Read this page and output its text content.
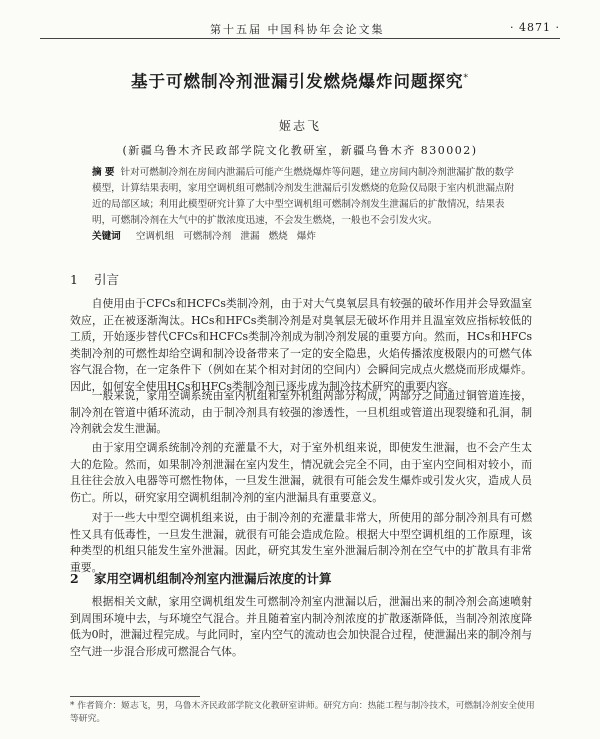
第十五届 中国科协年会论文集	· 4871 ·
基于可燃制冷剂泄漏引发燃烧爆炸问题探究*
姬志飞
(新疆乌鲁木齐民政部学院文化教研室，新疆乌鲁木齐 830002)
摘 要 针对可燃制冷剂在房间内泄漏后可能产生燃烧爆炸等问题，建立房间内制冷剂泄漏扩散的数学模型，计算结果表明，家用空调机组可燃制冷剂发生泄漏后引发燃烧的危险仅局限于室内机泄漏点附近的局部区域；利用此模型研究计算了大中型空调机组可燃制冷剂发生泄漏后的扩散情况，结果表明，可燃制冷剂在大气中的扩散浓度迅速，不会发生燃烧，一般也不会引发火灾。
关键词 空调机组 可燃制冷剂 泄漏 燃烧 爆炸
1 引言
自使用由于CFCs和HCFCs类制冷剂，由于对大气臭氧层具有较强的破坏作用并会导致温室效应，正在被逐渐淘汰。HCs和HFCs类制冷剂是对臭氧层无破坏作用并且温室效应指标较低的工质，开始逐步替代CFCs和HCFCs类制冷剂成为制冷剂发展的重要方向。然而，HCs和HFCs类制冷剂的可燃性却给空调和制冷设备带来了一定的安全隐患，火焰传播浓度极限内的可燃气体容气混合物，在一定条件下（例如在某个相对封闭的空间内）会瞬间完成点火燃烧而形成爆炸。因此，如何安全使用HCs和HFCs类制冷剂已逐步成为制冷技术研究的重要内容。
一般来说，家用空调系统由室内机组和室外机组两部分构成，两部分之间通过铜管道连接，制冷剂在管道中循环流动，由于制冷剂具有较强的渗透性，一旦机组或管道出现裂缝和孔洞，制冷剂就会发生泄漏。
由于家用空调系统制冷剂的充灌量不大，对于室外机组来说，即使发生泄漏，也不会产生太大的危险。然而，如果制冷剂泄漏在室内发生，情况就会完全不同，由于室内空间相对较小，而且往往会放入电器等可燃性物体，一旦发生泄漏，就很有可能会发生爆炸或引发火灾，造成人员伤亡。所以，研究家用空调机组制冷剂的室内泄漏具有重要意义。
对于一些大中型空调机组来说，由于制冷剂的充灌量非常大，所使用的部分制冷剂具有可燃性又具有低毒性，一旦发生泄漏，就很有可能会造成危险。根据大中型空调机组的工作原理，该种类型的机组只能发生室外泄漏。因此，研究其发生室外泄漏后制冷剂在空气中的扩散具有非常重要。
2 家用空调机组制冷剂室内泄漏后浓度的计算
根据相关文献，家用空调机组发生可燃制冷剂室内泄漏以后，泄漏出来的制冷剂会高速喷射到周围环境中去，与环境空气混合。并且随着室内制冷剂浓度的扩散逐渐降低，当制冷剂浓度降低为0时，泄漏过程完成。与此同时，室内空气的流动也会加快混合过程，使泄漏出来的制冷剂与空气进一步混合形成可燃混合气体。
* 作者简介：姬志飞，男，乌鲁木齐民政部学院文化教研室讲师。研究方向：热能工程与制冷技术，可燃制冷剂安全使用等研究。
